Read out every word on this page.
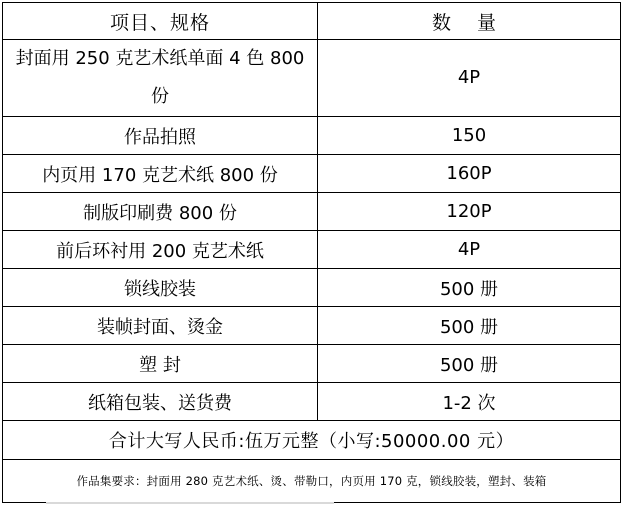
项目、规格	数 量
封面用 250 克艺术纸单面 4 色 800 份	4P
作品拍照	150
内页用 170 克艺术纸 800 份	160P
制版印刷费 800 份	120P
前后环衬用 200 克艺术纸	4P
锁线胶装	500 册
装帧封面、烫金	500 册
塑 封	500 册
纸箱包装、送货费	1-2 次
合计大写人民币:伍万元整（小写:50000.00 元）	
作品集要求：封面用 280 克艺术纸、烫、带勒口，内页用 170 克，锁线胶装，塑封、装箱	
